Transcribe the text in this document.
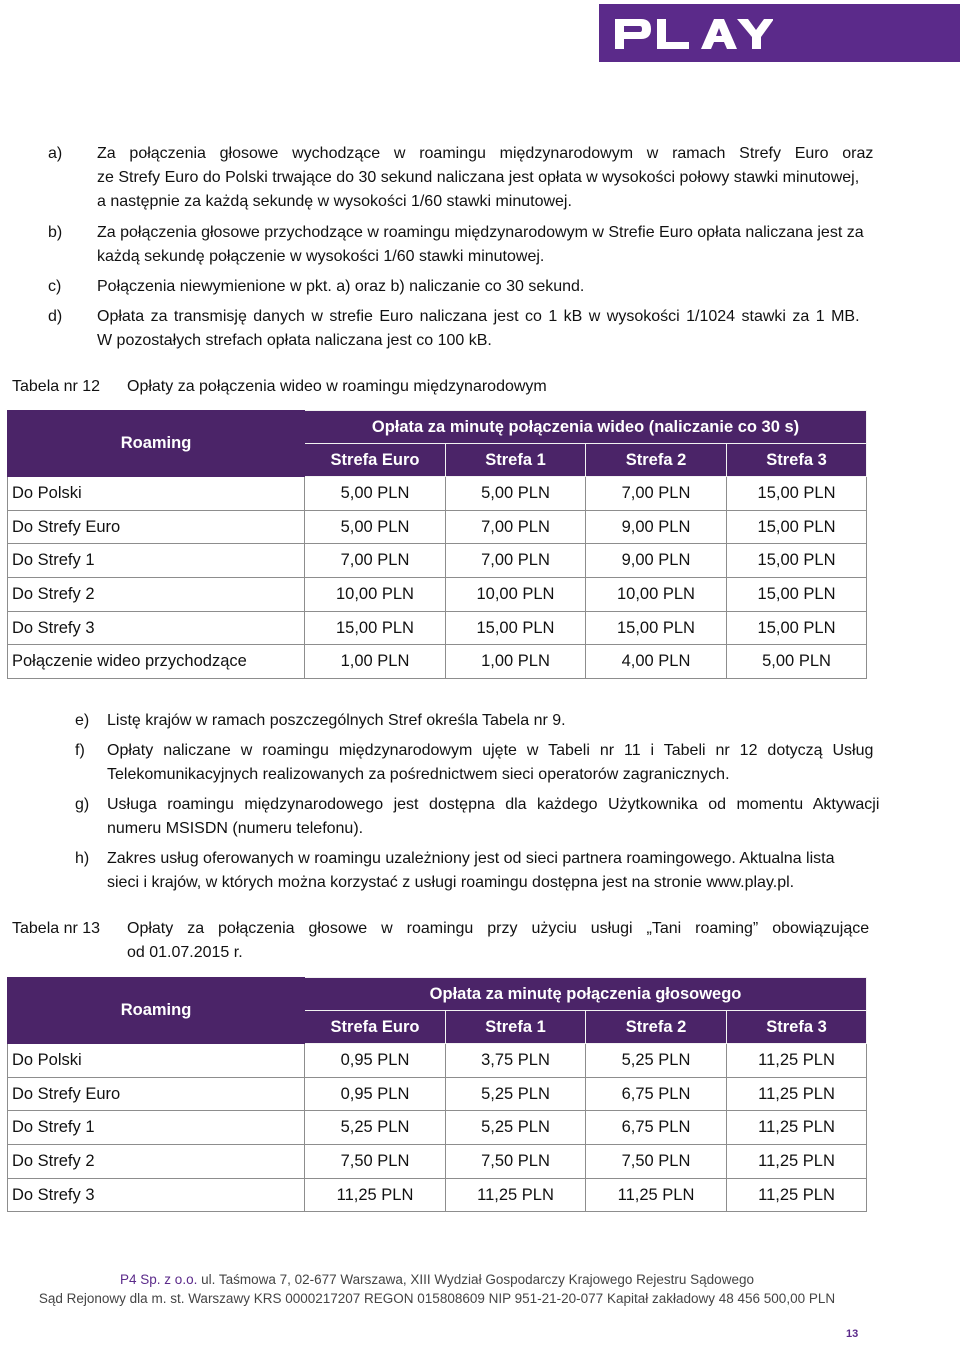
a) Za połączenia głosowe wychodzące w roamingu międzynarodowym w ramach Strefy Euro oraz
ze Strefy Euro do Polski trwające do 30 sekund naliczana jest opłata w wysokości połowy stawki minutowej,
a następnie za każdą sekundę w wysokości 1/60 stawki minutowej.
b) Za połączenia głosowe przychodzące w roamingu międzynarodowym w Strefie Euro opłata naliczana jest za
każdą sekundę połączenie w wysokości 1/60 stawki minutowej.
c) Połączenia niewymienione w pkt. a) oraz b) naliczanie co 30 sekund.
d) Opłata za transmisję danych w strefie Euro naliczana jest co 1 kB w wysokości 1/1024 stawki za 1 MB.
W pozostałych strefach opłata naliczana jest co 100 kB.
Tabela nr 12 Opłaty za połączenia wideo w roamingu międzynarodowym
Roaming	Opłata za minutę połączenia wideo (naliczanie co 30 s)			
	Strefa Euro	Strefa 1	Strefa 2	Strefa 3
Do Polski	5,00 PLN	5,00 PLN	7,00 PLN	15,00 PLN
Do Strefy Euro	5,00 PLN	7,00 PLN	9,00 PLN	15,00 PLN
Do Strefy 1	7,00 PLN	7,00 PLN	9,00 PLN	15,00 PLN
Do Strefy 2	10,00 PLN	10,00 PLN	10,00 PLN	15,00 PLN
Do Strefy 3	15,00 PLN	15,00 PLN	15,00 PLN	15,00 PLN
Połączenie wideo przychodzące	1,00 PLN	1,00 PLN	4,00 PLN	5,00 PLN
e) Listę krajów w ramach poszczególnych Stref określa Tabela nr 9.
f) Opłaty naliczane w roamingu międzynarodowym ujęte w Tabeli nr 11 i Tabeli nr 12 dotyczą Usług
Telekomunikacyjnych realizowanych za pośrednictwem sieci operatorów zagranicznych.
g) Usługa roamingu międzynarodowego jest dostępna dla każdego Użytkownika od momentu Aktywacji
numeru MSISDN (numeru telefonu).
h) Zakres usług oferowanych w roamingu uzależniony jest od sieci partnera roamingowego. Aktualna lista
sieci i krajów, w których można korzystać z usługi roamingu dostępna jest na stronie www.play.pl.
Tabela nr 13 Opłaty za połączenia głosowe w roamingu przy użyciu usługi „Tani roaming” obowiązujące
od 01.07.2015 r.
Roaming	Opłata za minutę połączenia głosowego			
	Strefa Euro	Strefa 1	Strefa 2	Strefa 3
Do Polski	0,95 PLN	3,75 PLN	5,25 PLN	11,25 PLN
Do Strefy Euro	0,95 PLN	5,25 PLN	6,75 PLN	11,25 PLN
Do Strefy 1	5,25 PLN	5,25 PLN	6,75 PLN	11,25 PLN
Do Strefy 2	7,50 PLN	7,50 PLN	7,50 PLN	11,25 PLN
Do Strefy 3	11,25 PLN	11,25 PLN	11,25 PLN	11,25 PLN
P4 Sp. z o.o. ul. Taśmowa 7, 02-677 Warszawa, XIII Wydział Gospodarczy Krajowego Rejestru Sądowego
Sąd Rejonowy dla m. st. Warszawy KRS 0000217207 REGON 015808609 NIP 951-21-20-077 Kapitał zakładowy 48 456 500,00 PLN
13
